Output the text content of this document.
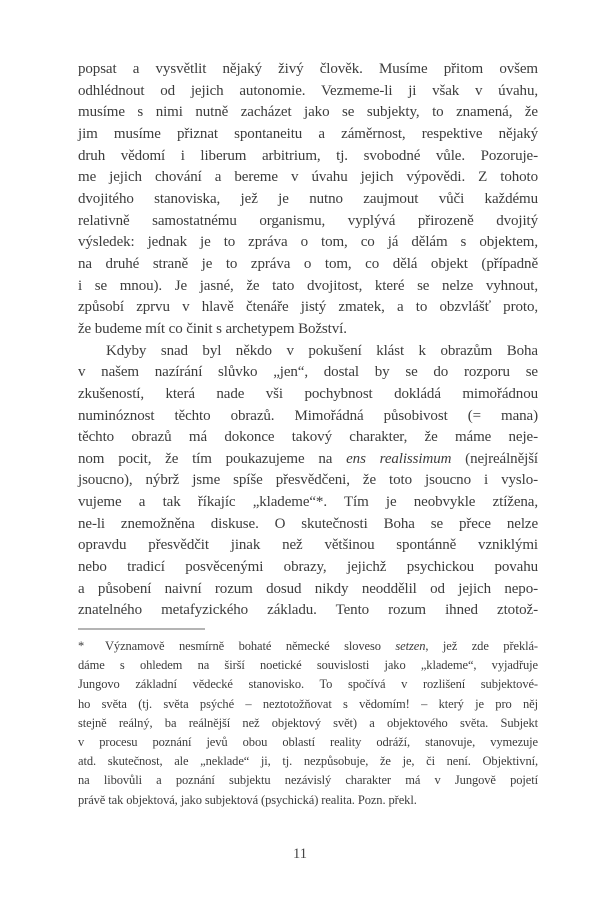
popsat a vysvětlit nějaký živý člověk. Musíme přitom ovšem
odhlédnout od jejich autonomie. Vezmeme-li ji však v úvahu,
musíme s nimi nutně zacházet jako se subjekty, to znamená, že
jim musíme přiznat spontaneitu a záměrnost, respektive nějaký
druh vědomí i liberum arbitrium, tj. svobodné vůle. Pozoruje-
me jejich chování a bereme v úvahu jejich výpovědi. Z tohoto
dvojitého stanoviska, jež je nutno zaujmout vůči každému
relativně samostatnému organismu, vyplývá přirozeně dvojitý
výsledek: jednak je to zpráva o tom, co já dělám s objektem,
na druhé straně je to zpráva o tom, co dělá objekt (případně
i se mnou). Je jasné, že tato dvojitost, které se nelze vyhnout,
způsobí zprvu v hlavě čtenáře jistý zmatek, a to obzvlášť proto,
že budeme mít co činit s archetypem Božství.
Kdyby snad byl někdo v pokušení klást k obrazům Boha
v našem nazírání slůvko „jen“, dostal by se do rozporu se
zkušeností, která nade vši pochybnost dokládá mimořádnou
numinóznost těchto obrazů. Mimořádná působivost (= mana)
těchto obrazů má dokonce takový charakter, že máme neje-
nom pocit, že tím poukazujeme na ens realissimum (nejreálnější
jsoucno), nýbrž jsme spíše přesvědčeni, že toto jsoucno i vyslo-
vujeme a tak říkajíc „klademe“*. Tím je neobvykle ztížena,
ne-li znemožněna diskuse. O skutečnosti Boha se přece nelze
opravdu přesvědčit jinak než většinou spontánně vzniklými
nebo tradicí posvěcenými obrazy, jejichž psychickou povahu
a působení naivní rozum dosud nikdy neoddělil od jejich nepo-
znatelného metafyzického základu. Tento rozum ihned ztotož-
* Významově nesmírně bohaté německé sloveso setzen, jež zde překlá-
dáme s ohledem na širší noetické souvislosti jako „klademe“, vyjadřuje
Jungovo základní vědecké stanovisko. To spočívá v rozlišení subjektové-
ho světa (tj. světa psýché – neztotožňovat s vědomím! – který je pro něj
stejně reálný, ba reálnější než objektový svět) a objektového světa. Subjekt
v procesu poznání jevů obou oblastí reality odráží, stanovuje, vymezuje
atd. skutečnost, ale „neklade“ ji, tj. nezpůsobuje, že je, či není. Objektivní,
na libovůli a poznání subjektu nezávislý charakter má v Jungově pojetí
právě tak objektová, jako subjektová (psychická) realita. Pozn. překl.
11
